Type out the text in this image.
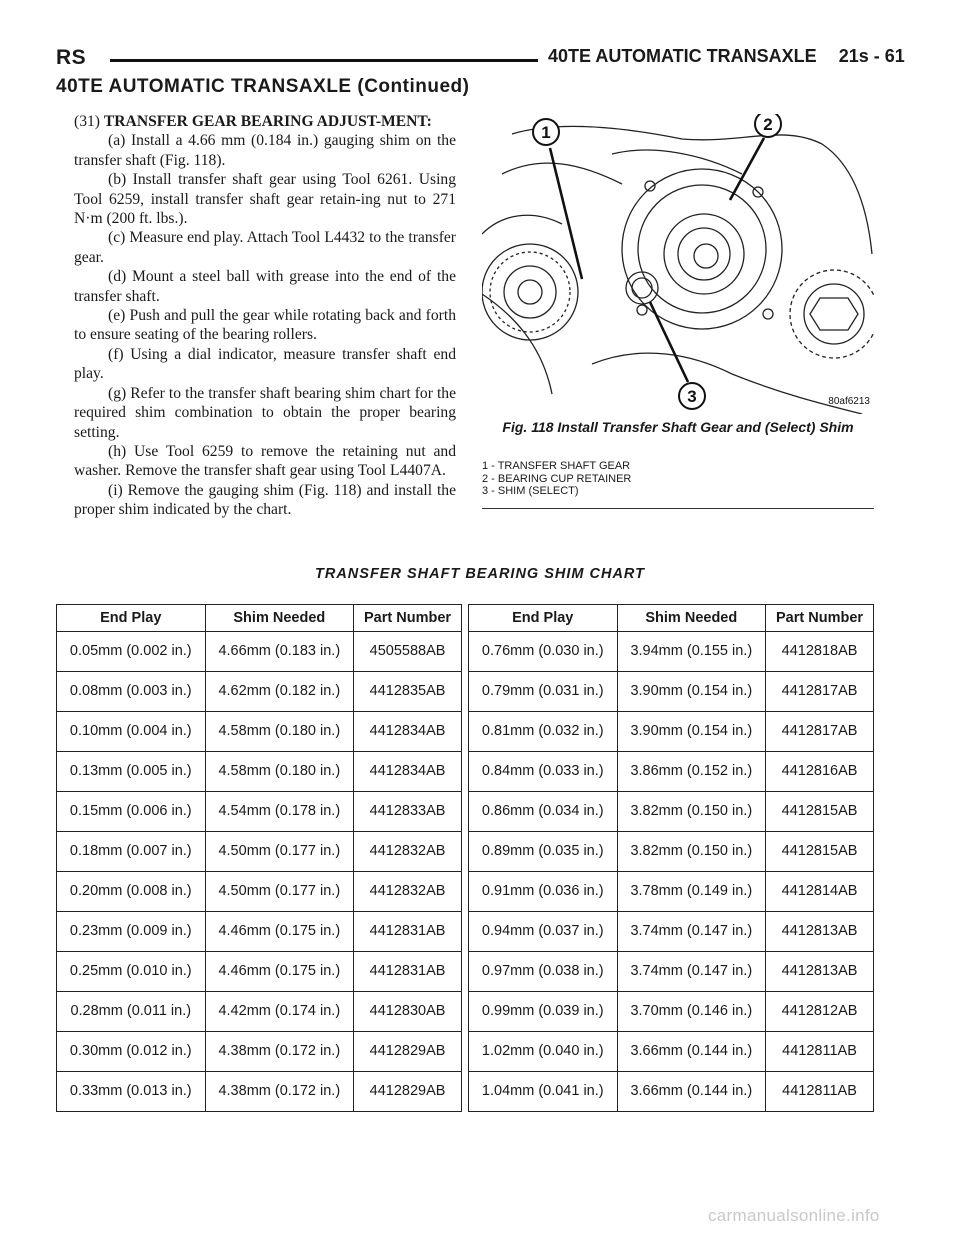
RS	40TE AUTOMATIC TRANSAXLE 21s - 61
40TE AUTOMATIC TRANSAXLE (Continued)

(31) TRANSFER GEAR BEARING ADJUST-MENT:

(a) Install a 4.66 mm (0.184 in.) gauging shim on the transfer shaft (Fig. 118).

(b) Install transfer shaft gear using Tool 6261. Using Tool 6259, install transfer shaft gear retain-ing nut to 271 N·m (200 ft. lbs.).

(c) Measure end play. Attach Tool L4432 to the transfer gear.

(d) Mount a steel ball with grease into the end of the transfer shaft.

(e) Push and pull the gear while rotating back and forth to ensure seating of the bearing rollers.

(f) Using a dial indicator, measure transfer shaft end play.

(g) Refer to the transfer shaft bearing shim chart for the required shim combination to obtain the proper bearing setting.

(h) Use Tool 6259 to remove the retaining nut and washer. Remove the transfer shaft gear using Tool L4407A.

(i) Remove the gauging shim (Fig. 118) and install the proper shim indicated by the chart.

1	2
3	80af6213
Fig. 118 Install Transfer Shaft Gear and (Select) Shim
1 - TRANSFER SHAFT GEAR
2 - BEARING CUP RETAINER
3 - SHIM (SELECT)
TRANSFER SHAFT BEARING SHIM CHART
End Play	Shim Needed	Part Number		End Play	Shim Needed	Part Number
0.05mm (0.002 in.)	4.66mm (0.183 in.)	4505588AB		0.76mm (0.030 in.)	3.94mm (0.155 in.)	4412818AB
0.08mm (0.003 in.)	4.62mm (0.182 in.)	4412835AB		0.79mm (0.031 in.)	3.90mm (0.154 in.)	4412817AB
0.10mm (0.004 in.)	4.58mm (0.180 in.)	4412834AB		0.81mm (0.032 in.)	3.90mm (0.154 in.)	4412817AB
0.13mm (0.005 in.)	4.58mm (0.180 in.)	4412834AB		0.84mm (0.033 in.)	3.86mm (0.152 in.)	4412816AB
0.15mm (0.006 in.)	4.54mm (0.178 in.)	4412833AB		0.86mm (0.034 in.)	3.82mm (0.150 in.)	4412815AB
0.18mm (0.007 in.)	4.50mm (0.177 in.)	4412832AB		0.89mm (0.035 in.)	3.82mm (0.150 in.)	4412815AB
0.20mm (0.008 in.)	4.50mm (0.177 in.)	4412832AB		0.91mm (0.036 in.)	3.78mm (0.149 in.)	4412814AB
0.23mm (0.009 in.)	4.46mm (0.175 in.)	4412831AB		0.94mm (0.037 in.)	3.74mm (0.147 in.)	4412813AB
0.25mm (0.010 in.)	4.46mm (0.175 in.)	4412831AB		0.97mm (0.038 in.)	3.74mm (0.147 in.)	4412813AB
0.28mm (0.011 in.)	4.42mm (0.174 in.)	4412830AB		0.99mm (0.039 in.)	3.70mm (0.146 in.)	4412812AB
0.30mm (0.012 in.)	4.38mm (0.172 in.)	4412829AB		1.02mm (0.040 in.)	3.66mm (0.144 in.)	4412811AB
0.33mm (0.013 in.)	4.38mm (0.172 in.)	4412829AB		1.04mm (0.041 in.)	3.66mm (0.144 in.)	4412811AB
carmanualsonline.info
